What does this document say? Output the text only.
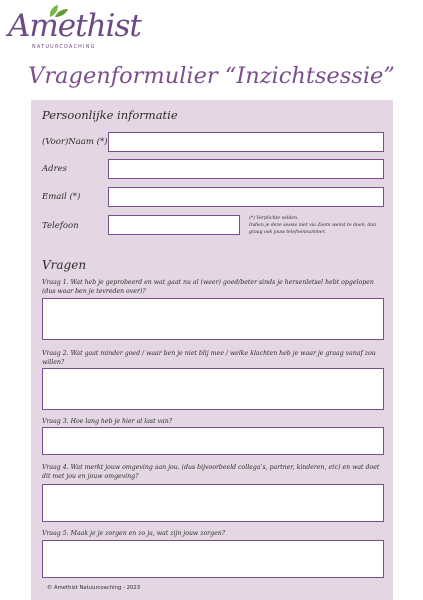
Amethist
NATUURCOACHING
Vragenformulier “Inzichtsessie”
Persoonlijke informatie
(Voor)Naam (*)
Adres
Email (*)
Telefoon
(*) Verplichte velden.
Indien je deze sessie niet via Zoom wenst te doen, dan graag ook jouw telefoonnummer.
Vragen
Vraag 1. Wat heb je geprobeerd en wat gaat nu al (weer) goed/beter sinds je hersenletsel hebt opgelopen (dus waar ben je tevreden over)?
Vraag 2. Wat gaat minder goed / waar ben je niet blij mee / welke klachten heb je waar je graag vanaf zou willen?
Vraag 3. Hoe lang heb je hier al last van?
Vraag 4. Wat merkt jouw omgeving aan jou. (dus bijvoorbeeld collega’s, partner, kinderen, etc) en wat doet dit met jou en jouw omgeving?
Vraag 5. Maak je je zorgen en zo ja, wat zijn jouw zorgen?
© Amethist Natuurcoaching - 2023
